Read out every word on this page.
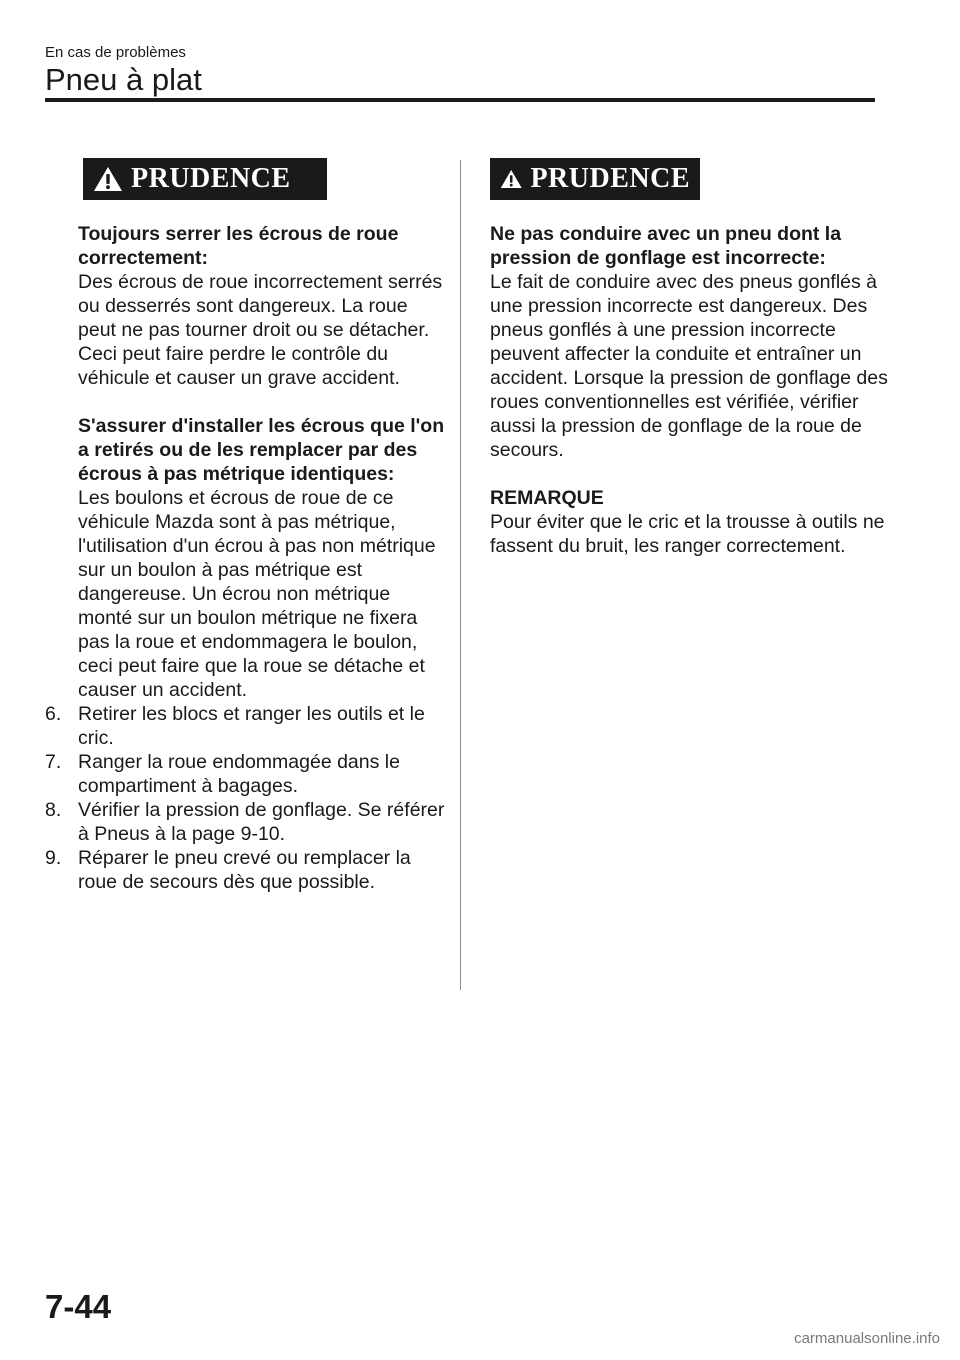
En cas de problèmes
Pneu à plat
PRUDENCE
Toujours serrer les écrous de roue correctement:
Des écrous de roue incorrectement serrés ou desserrés sont dangereux. La roue peut ne pas tourner droit ou se détacher. Ceci peut faire perdre le contrôle du véhicule et causer un grave accident.
S'assurer d'installer les écrous que l'on a retirés ou de les remplacer par des écrous à pas métrique identiques:
Les boulons et écrous de roue de ce véhicule Mazda sont à pas métrique, l'utilisation d'un écrou à pas non métrique sur un boulon à pas métrique est dangereuse. Un écrou non métrique monté sur un boulon métrique ne fixera pas la roue et endommagera le boulon, ceci peut faire que la roue se détache et causer un accident.
6. Retirer les blocs et ranger les outils et le cric.
7. Ranger la roue endommagée dans le compartiment à bagages.
8. Vérifier la pression de gonflage. Se référer à Pneus à la page 9-10.
9. Réparer le pneu crevé ou remplacer la roue de secours dès que possible.
PRUDENCE
Ne pas conduire avec un pneu dont la pression de gonflage est incorrecte:
Le fait de conduire avec des pneus gonflés à une pression incorrecte est dangereux. Des pneus gonflés à une pression incorrecte peuvent affecter la conduite et entraîner un accident. Lorsque la pression de gonflage des roues conventionnelles est vérifiée, vérifier aussi la pression de gonflage de la roue de secours.
REMARQUE
Pour éviter que le cric et la trousse à outils ne fassent du bruit, les ranger correctement.
7-44
carmanualsonline.info
